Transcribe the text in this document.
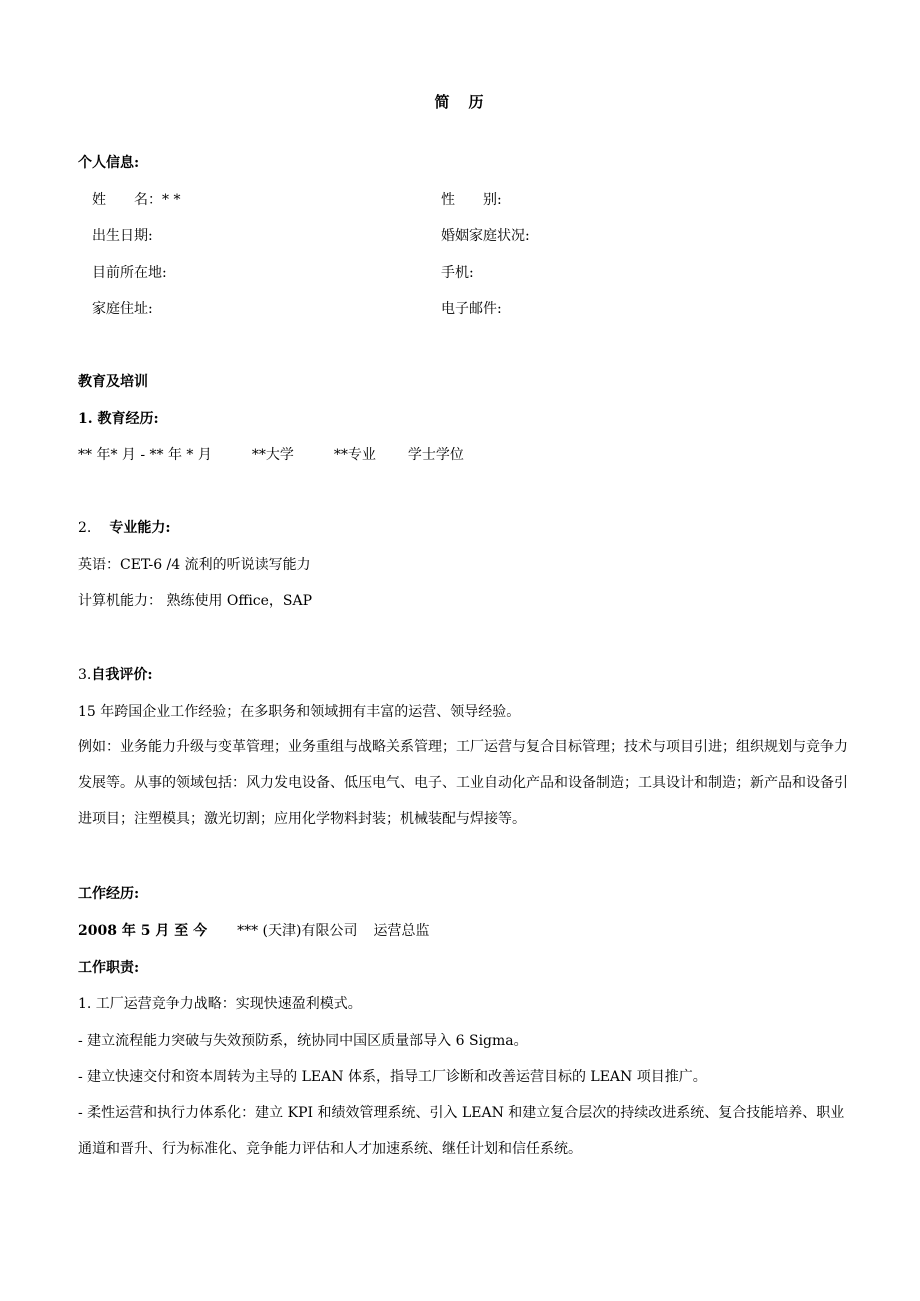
简　历
个人信息:
姓　　名：* *	性　　别:
出生日期:	婚姻家庭状况:
目前所在地:	手机:
家庭住址:	电子邮件:
教育及培训
1. 教育经历:
** 年* 月 - ** 年 * 月	**大学	**专业 学士学位
2. 专业能力:
英语：CET-6 /4 流利的听说读写能力
计算机能力： 熟练使用 Office，SAP
3.自我评价:
15 年跨国企业工作经验；在多职务和领域拥有丰富的运营、领导经验。
例如：业务能力升级与变革管理；业务重组与战略关系管理；工厂运营与复合目标管理；技术与项目引进；组织规划与竞争力发展等。从事的领域包括：风力发电设备、低压电气、电子、工业自动化产品和设备制造；工具设计和制造；新产品和设备引进项目；注塑模具；激光切割；应用化学物料封装；机械装配与焊接等。
工作经历:
2008 年 5 月 至 今 *** (天津)有限公司 运营总监
工作职责:
1. 工厂运营竞争力战略：实现快速盈利模式。
- 建立流程能力突破与失效预防系，统协同中国区质量部导入 6 Sigma。
- 建立快速交付和资本周转为主导的 LEAN 体系，指导工厂诊断和改善运营目标的 LEAN 项目推广。
- 柔性运营和执行力体系化：建立 KPI 和绩效管理系统、引入 LEAN 和建立复合层次的持续改进系统、复合技能培养、职业通道和晋升、行为标准化、竞争能力评估和人才加速系统、继任计划和信任系统。
